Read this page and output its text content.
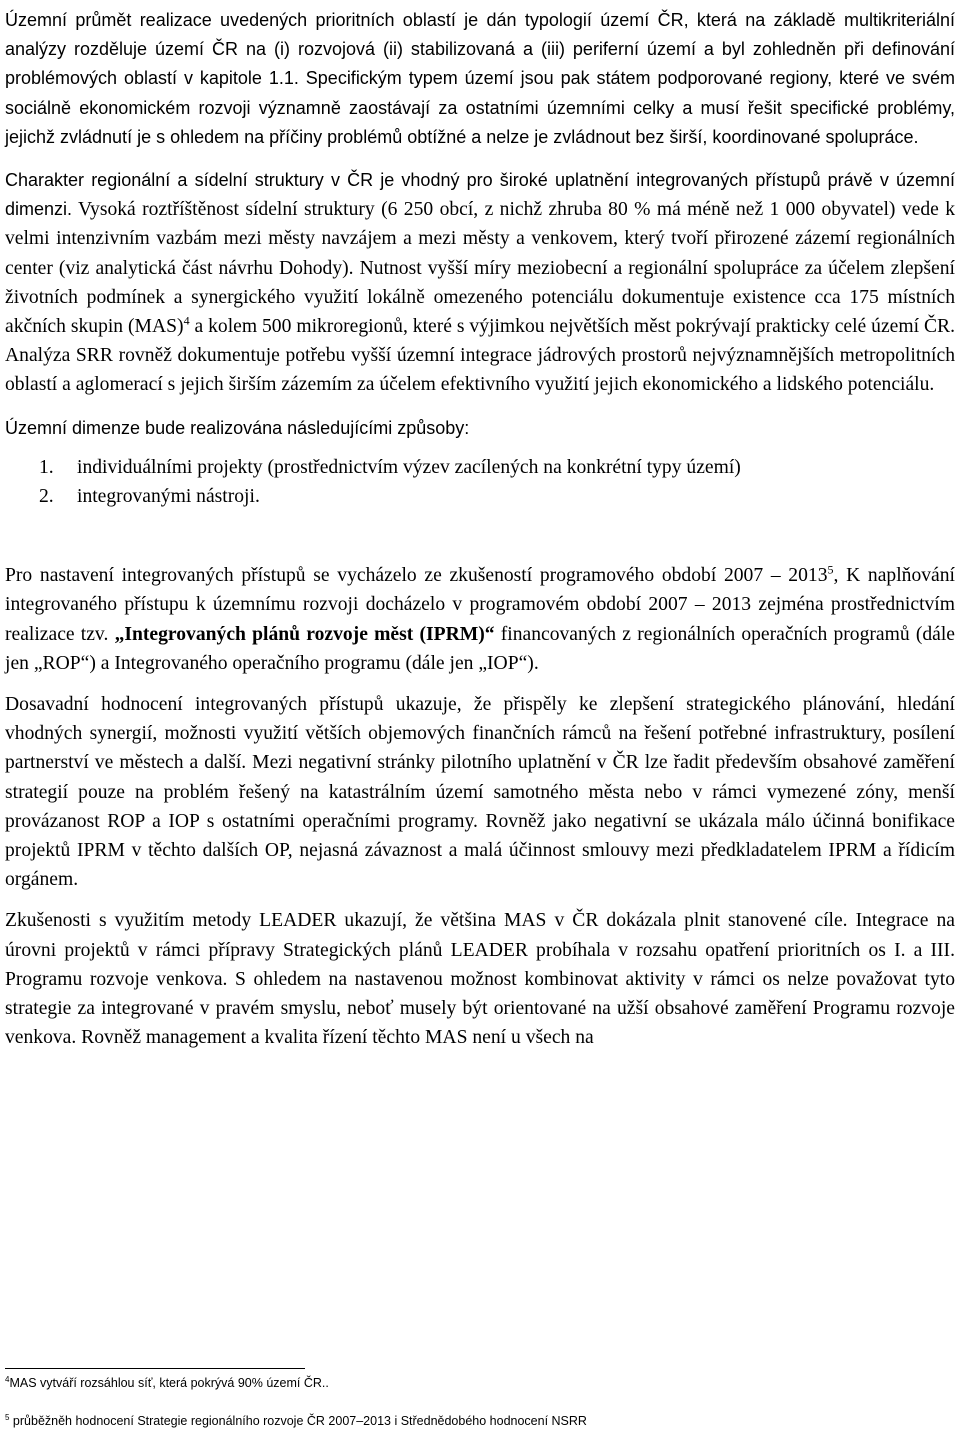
Územní průmět realizace uvedených prioritních oblastí je dán typologií území ČR, která na základě multikriteriální analýzy rozděluje území ČR na (i) rozvojová (ii) stabilizovaná a (iii) periferní území a byl zohledněn při definování problémových oblastí v kapitole 1.1. Specifickým typem území jsou pak státem podporované regiony, které ve svém sociálně ekonomickém rozvoji významně zaostávají za ostatními územními celky a musí řešit specifické problémy, jejichž zvládnutí je s ohledem na příčiny problémů obtížné a nelze je zvládnout bez širší, koordinované spolupráce.

Charakter regionální a sídelní struktury v ČR je vhodný pro široké uplatnění integrovaných přístupů právě v územní dimenzi. Vysoká roztříštěnost sídelní struktury (6 250 obcí, z nichž zhruba 80 % má méně než 1 000 obyvatel) vede k velmi intenzivním vazbám mezi městy navzájem a mezi městy a venkovem, který tvoří přirozené zázemí regionálních center (viz analytická část návrhu Dohody). Nutnost vyšší míry meziobecní a regionální spolupráce za účelem zlepšení životních podmínek a synergického využití lokálně omezeného potenciálu dokumentuje existence cca 175 místních akčních skupin (MAS)$^4$ a kolem 500 mikroregionů, které s výjimkou největších měst pokrývají prakticky celé území ČR. Analýza SRR rovněž dokumentuje potřebu vyšší územní integrace jádrových prostorů nejvýznamnějších metropolitních oblastí a aglomerací s jejich širším zázemím za účelem efektivního využití jejich ekonomického a lidského potenciálu.

Územní dimenze bude realizována následujícími způsoby:

1.	individuálními projekty (prostřednictvím výzev zacílených na konkrétní typy území)
2.	integrovanými nástroji.

Pro nastavení integrovaných přístupů se vycházelo ze zkušeností programového období 2007 – 2013$^5$, K naplňování integrovaného přístupu k územnímu rozvoji docházelo v programovém období 2007 – 2013 zejména prostřednictvím realizace tzv. „Integrovaných plánů rozvoje měst (IPRM)“ financovaných z regionálních operačních programů (dále jen „ROP“) a Integrovaného operačního programu (dále jen „IOP“).

Dosavadní hodnocení integrovaných přístupů ukazuje, že přispěly ke zlepšení strategického plánování, hledání vhodných synergií, možnosti využití větších objemových finančních rámců na řešení potřebné infrastruktury, posílení partnerství ve městech a další. Mezi negativní stránky pilotního uplatnění v ČR lze řadit především obsahové zaměření strategií pouze na problém řešený na katastrálním území samotného města nebo v rámci vymezené zóny, menší provázanost ROP a IOP s ostatními operačními programy. Rovněž jako negativní se ukázala málo účinná bonifikace projektů IPRM v těchto dalších OP, nejasná závaznost a malá účinnost smlouvy mezi předkladatelem IPRM a řídicím orgánem.

Zkušenosti s využitím metody LEADER ukazují, že většina MAS v ČR dokázala plnit stanovené cíle. Integrace na úrovni projektů v rámci přípravy Strategických plánů LEADER probíhala v rozsahu opatření prioritních os I. a III. Programu rozvoje venkova. S ohledem na nastavenou možnost kombinovat aktivity v rámci os nelze považovat tyto strategie za integrované v pravém smyslu, neboť musely být orientované na užší obsahové zaměření Programu rozvoje venkova. Rovněž management a kvalita řízení těchto MAS není u všech na

$^4$MAS vytváří rozsáhlou síť, která pokrývá 90% území ČR..

$^5$ průběžněh hodnocení Strategie regionálního rozvoje ČR 2007–2013 i Střednědobého hodnocení NSRR
